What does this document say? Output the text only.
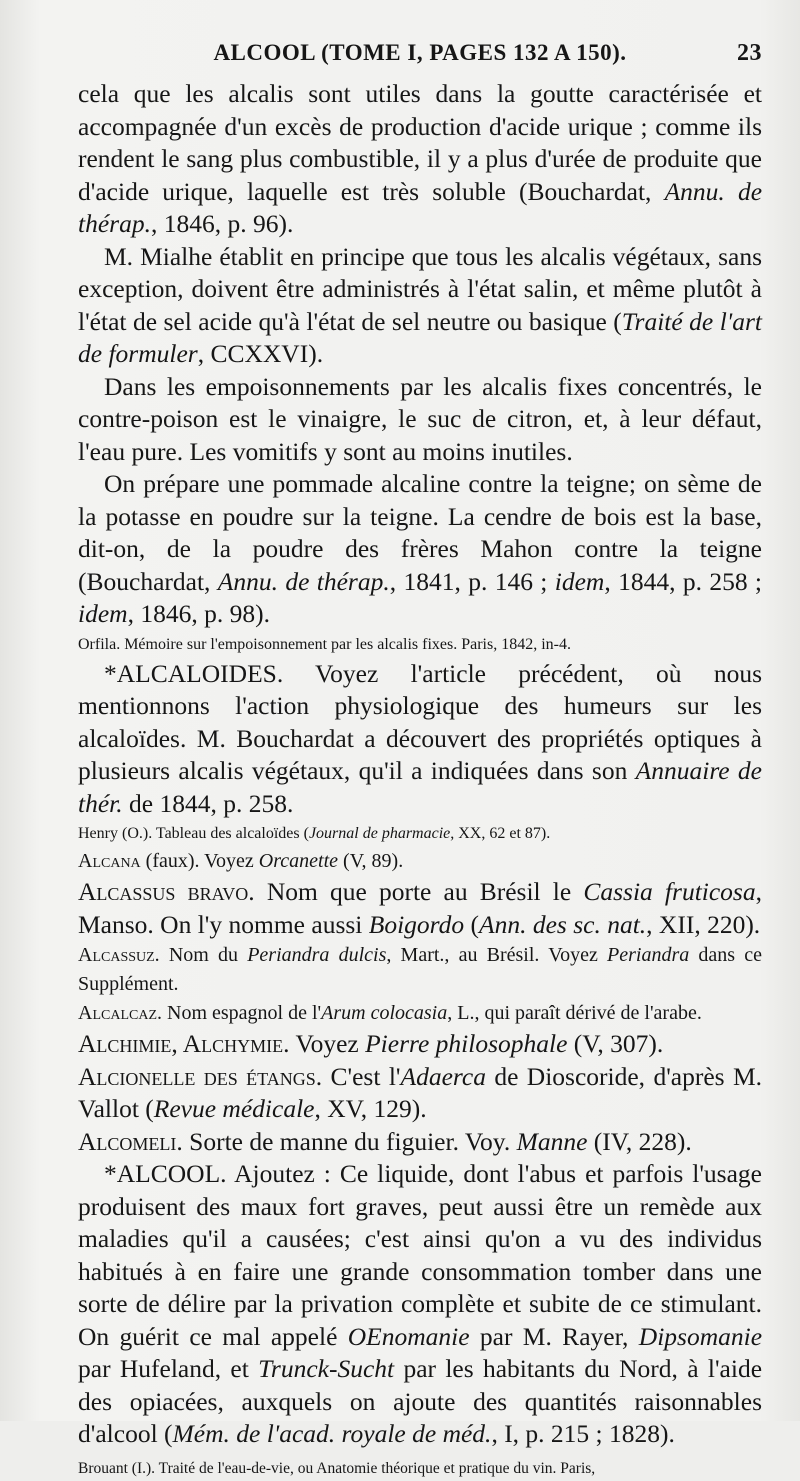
ALCOOL (TOME I, PAGES 132 A 150).	23

cela que les alcalis sont utiles dans la goutte caractérisée et accompagnée d'un excès de production d'acide urique ; comme ils rendent le sang plus combustible, il y a plus d'urée de produite que d'acide urique, laquelle est très soluble (Bouchardat, Annu. de thérap., 1846, p. 96).

M. Mialhe établit en principe que tous les alcalis végétaux, sans exception, doivent être administrés à l'état salin, et même plutôt à l'état de sel acide qu'à l'état de sel neutre ou basique (Traité de l'art de formuler, CCXXVI).

Dans les empoisonnements par les alcalis fixes concentrés, le contre-poison est le vinaigre, le suc de citron, et, à leur défaut, l'eau pure. Les vomitifs y sont au moins inutiles.

On prépare une pommade alcaline contre la teigne; on sème de la potasse en poudre sur la teigne. La cendre de bois est la base, dit-on, de la poudre des frères Mahon contre la teigne (Bouchardat, Annu. de thérap., 1841, p. 146 ; idem, 1844, p. 258 ; idem, 1846, p. 98).

Orfila. Mémoire sur l'empoisonnement par les alcalis fixes. Paris, 1842, in-4.

*ALCALOIDES. Voyez l'article précédent, où nous mentionnons l'action physiologique des humeurs sur les alcaloïdes. M. Bouchardat a découvert des propriétés optiques à plusieurs alcalis végétaux, qu'il a indiquées dans son Annuaire de thér. de 1844, p. 258.

Henry (O.). Tableau des alcaloïdes (Journal de pharmacie, XX, 62 et 87).

Alcana (faux). Voyez Orcanette (V, 89).

Alcassus bravo. Nom que porte au Brésil le Cassia fruticosa, Manso. On l'y nomme aussi Boigordo (Ann. des sc. nat., XII, 220).

Alcassuz. Nom du Periandra dulcis, Mart., au Brésil. Voyez Periandra dans ce Supplément.

Alcalcaz. Nom espagnol de l'Arum colocasia, L., qui paraît dérivé de l'arabe.

Alchimie, Alchymie. Voyez Pierre philosophale (V, 307).

Alcionelle des étangs. C'est l'Adaerca de Dioscoride, d'après M. Vallot (Revue médicale, XV, 129).

Alcomeli. Sorte de manne du figuier. Voy. Manne (IV, 228).

*ALCOOL. Ajoutez : Ce liquide, dont l'abus et parfois l'usage produisent des maux fort graves, peut aussi être un remède aux maladies qu'il a causées; c'est ainsi qu'on a vu des individus habitués à en faire une grande consommation tomber dans une sorte de délire par la privation complète et subite de ce stimulant. On guérit ce mal appelé OEnomanie par M. Rayer, Dipsomanie par Hufeland, et Trunck-Sucht par les habitants du Nord, à l'aide des opiacées, auxquels on ajoute des quantités raisonnables d'alcool (Mém. de l'acad. royale de méd., I, p. 215 ; 1828).

Brouant (I.). Traité de l'eau-de-vie, ou Anatomie théorique et pratique du vin. Paris,
